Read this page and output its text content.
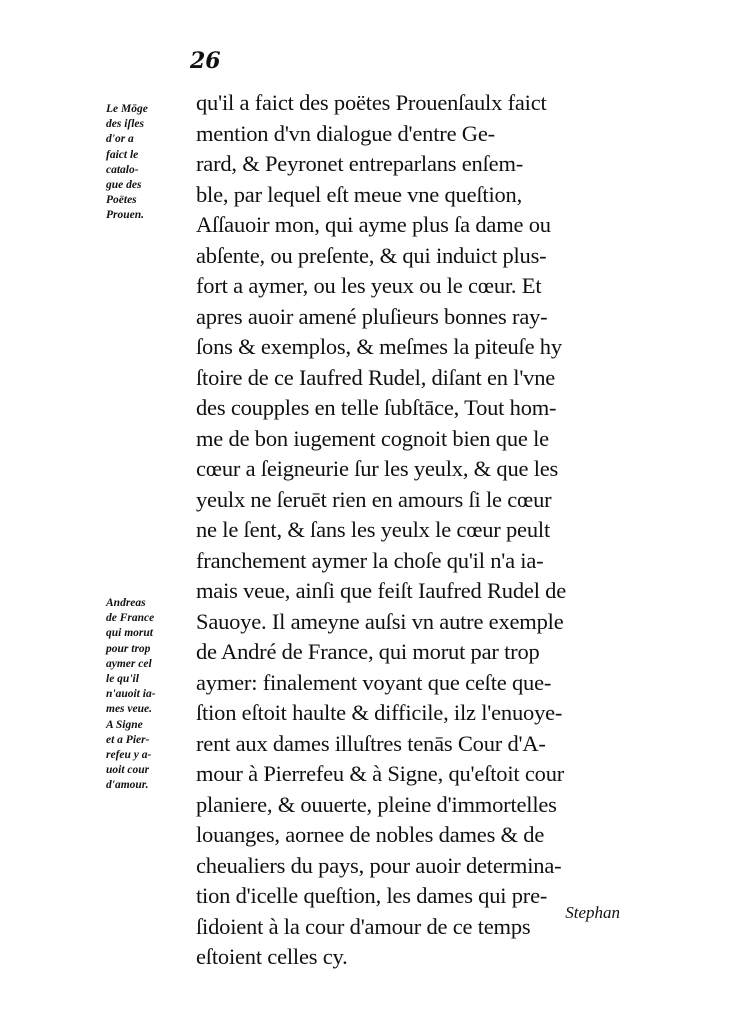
26
Le Mōge
des iſles
d'or a
faict le
catalo-
gue des
Poëtes
Prouen.
Andreas
de France
qui morut
pour trop
aymer cel
le qu'il
n'auoit ia-
mes veue.
A Signe
et a Pier-
refeu y a-
uoit cour
d'amour.
qu'il a faict des poëtes Prouenſaulx faict
mention d'vn dialogue d'entre Ge-
rard, & Peyronet entreparlans enſem-
ble, par lequel eſt meue vne queſtion,
Aſſauoir mon, qui ayme plus ſa dame ou
abſente, ou preſente, & qui induict plus-
fort a aymer, ou les yeux ou le cœur. Et
apres auoir amené pluſieurs bonnes ray-
ſons & exemplos, & meſmes la piteuſe hy
ſtoire de ce Iaufred Rudel, diſant en l'vne
des coupples en telle ſubſtāce, Tout hom-
me de bon iugement cognoit bien que le
cœur a ſeigneurie ſur les yeulx, & que les
yeulx ne ſeruēt rien en amours ſi le cœur
ne le ſent, & ſans les yeulx le cœur peult
franchement aymer la choſe qu'il n'a ia-
mais veue, ainſi que feiſt Iaufred Rudel de
Sauoye. Il ameyne auſsi vn autre exemple
de André de France, qui morut par trop
aymer: finalement voyant que ceſte que-
ſtion eſtoit haulte & difficile, ilz l'enuoye-
rent aux dames illuſtres tenās Cour d'A-
mour à Pierrefeu & à Signe, qu'eſtoit cour
planiere, & ouuerte, pleine d'immortelles
louanges, aornee de nobles dames & de
cheualiers du pays, pour auoir determina-
tion d'icelle queſtion, les dames qui pre-
ſidoient à la cour d'amour de ce temps
eſtoient celles cy.
Stephan
